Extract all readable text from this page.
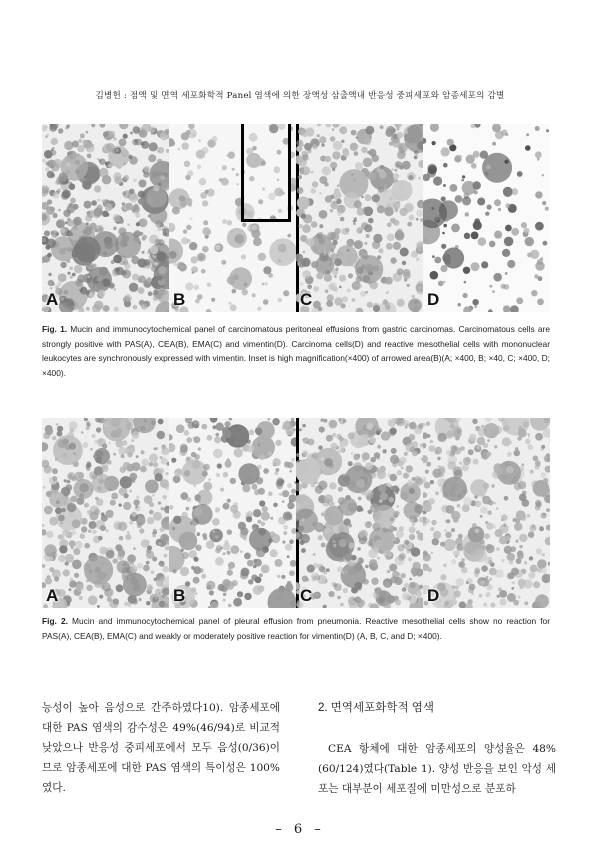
김병헌 : 점액 및 면역 세포화학적 Panel 염색에 의한 장액성 삼출액내 반응성 중피세포와 암종세포의 감별
A	B	C	D
Fig. 1. Mucin and immunocytochemical panel of carcinomatous peritoneal effusions from gastric carcinomas. Carcinomatous cells are strongly positive with PAS(A), CEA(B), EMA(C) and vimentin(D). Carcinoma cells(D) and reactive mesothelial cells with mononuclear leukocytes are synchronously expressed with vimentin. Inset is high magnification(×400) of arrowed area(B)(A; ×400, B; ×40, C; ×400, D; ×400).
A	B	C	D
Fig. 2. Mucin and immunocytochemical panel of pleural effusion from pneumonia. Reactive mesothelial cells show no reaction for PAS(A), CEA(B), EMA(C) and weakly or moderately positive reaction for vimentin(D) (A, B, C, and D; ×400).
능성이 높아 음성으로 간주하였다10). 암종세포에 대한 PAS 염색의 감수성은 49%(46/94)로 비교적 낮았으나 반응성 중피세포에서 모두 음성(0/36)이므로 암종세포에 대한 PAS 염색의 특이성은 100%였다.
2. 면역세포화학적 염색
CEA 항체에 대한 암종세포의 양성율은 48% (60/124)였다(Table 1). 양성 반응을 보인 악성 세포는 대부분이 세포질에 미만성으로 분포하
– 6 –
